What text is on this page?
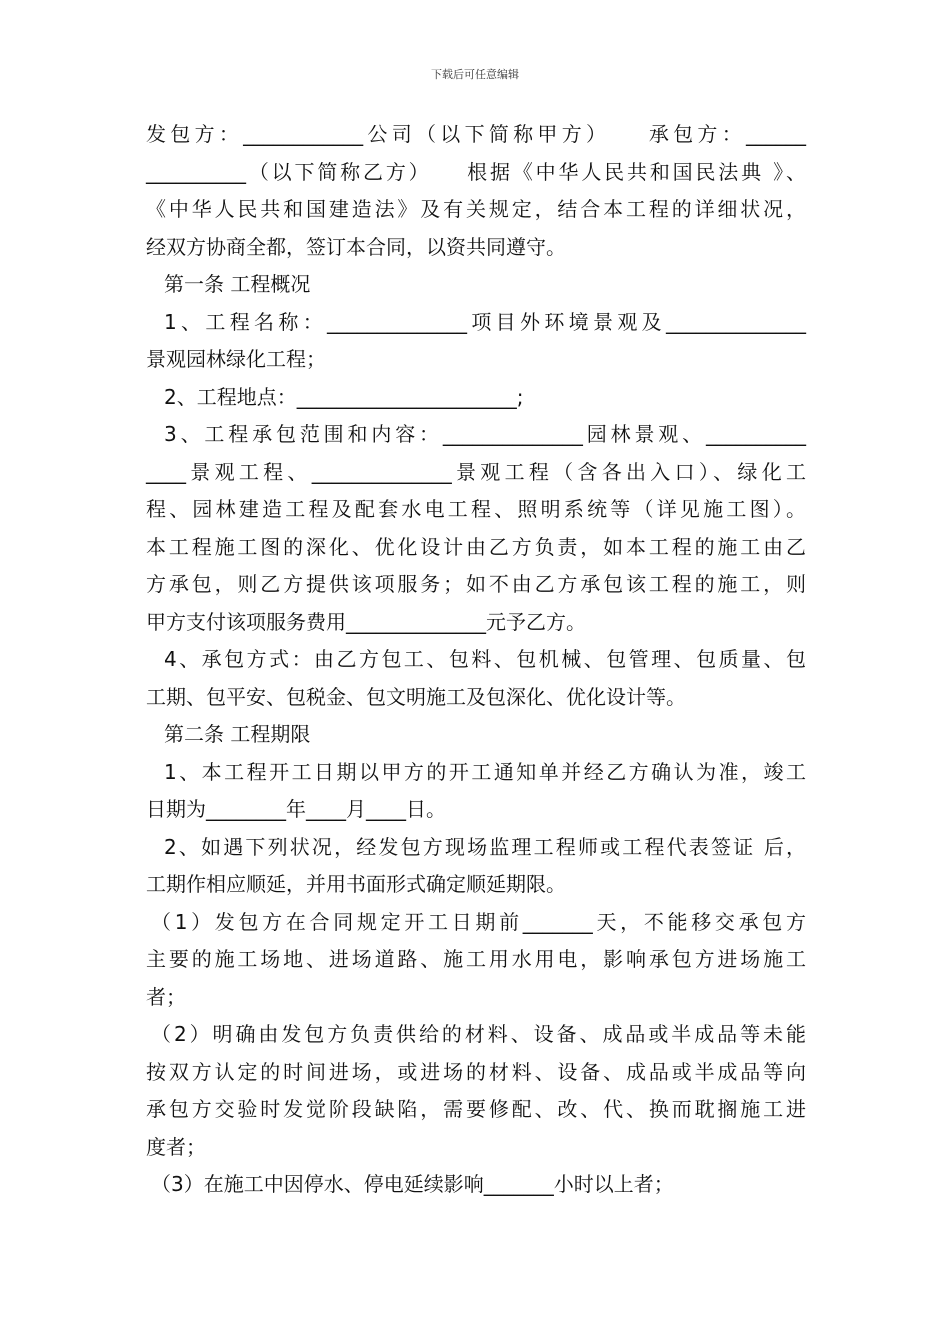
下载后可任意编辑
发包方：____________公司（以下简称甲方）　　承包方：______
__________（以下简称乙方）　　根据《中华人民共和国民法典 》、
《中华人民共和国建造法》及有关规定，结合本工程的详细状况，
经双方协商全都，签订本合同，以资共同遵守。
第一条 工程概况
1、工程名称：______________项目外环境景观及______________
景观园林绿化工程；
2、工程地点：______________________;
3、工程承包范围和内容：______________园林景观、__________
____景观工程、______________景观工程（含各出入口）、绿化工
程、园林建造工程及配套水电工程、照明系统等（详见施工图）。
本工程施工图的深化、优化设计由乙方负责，如本工程的施工由乙
方承包，则乙方提供该项服务；如不由乙方承包该工程的施工，则
甲方支付该项服务费用______________元予乙方。
4、承包方式：由乙方包工、包料、包机械、包管理、包质量、包
工期、包平安、包税金、包文明施工及包深化、优化设计等。
第二条 工程期限
1、本工程开工日期以甲方的开工通知单并经乙方确认为准，竣工
日期为________年____月____日。
2、如遇下列状况，经发包方现场监理工程师或工程代表签证 后，
工期作相应顺延，并用书面形式确定顺延期限。
（1）发包方在合同规定开工日期前_______天，不能移交承包方
主要的施工场地、进场道路、施工用水用电，影响承包方进场施工
者；
（2）明确由发包方负责供给的材料、设备、成品或半成品等未能
按双方认定的时间进场，或进场的材料、设备、成品或半成品等向
承包方交验时发觉阶段缺陷，需要修配、改、代、换而耽搁施工进
度者；
（3）在施工中因停水、停电延续影响_______小时以上者；
